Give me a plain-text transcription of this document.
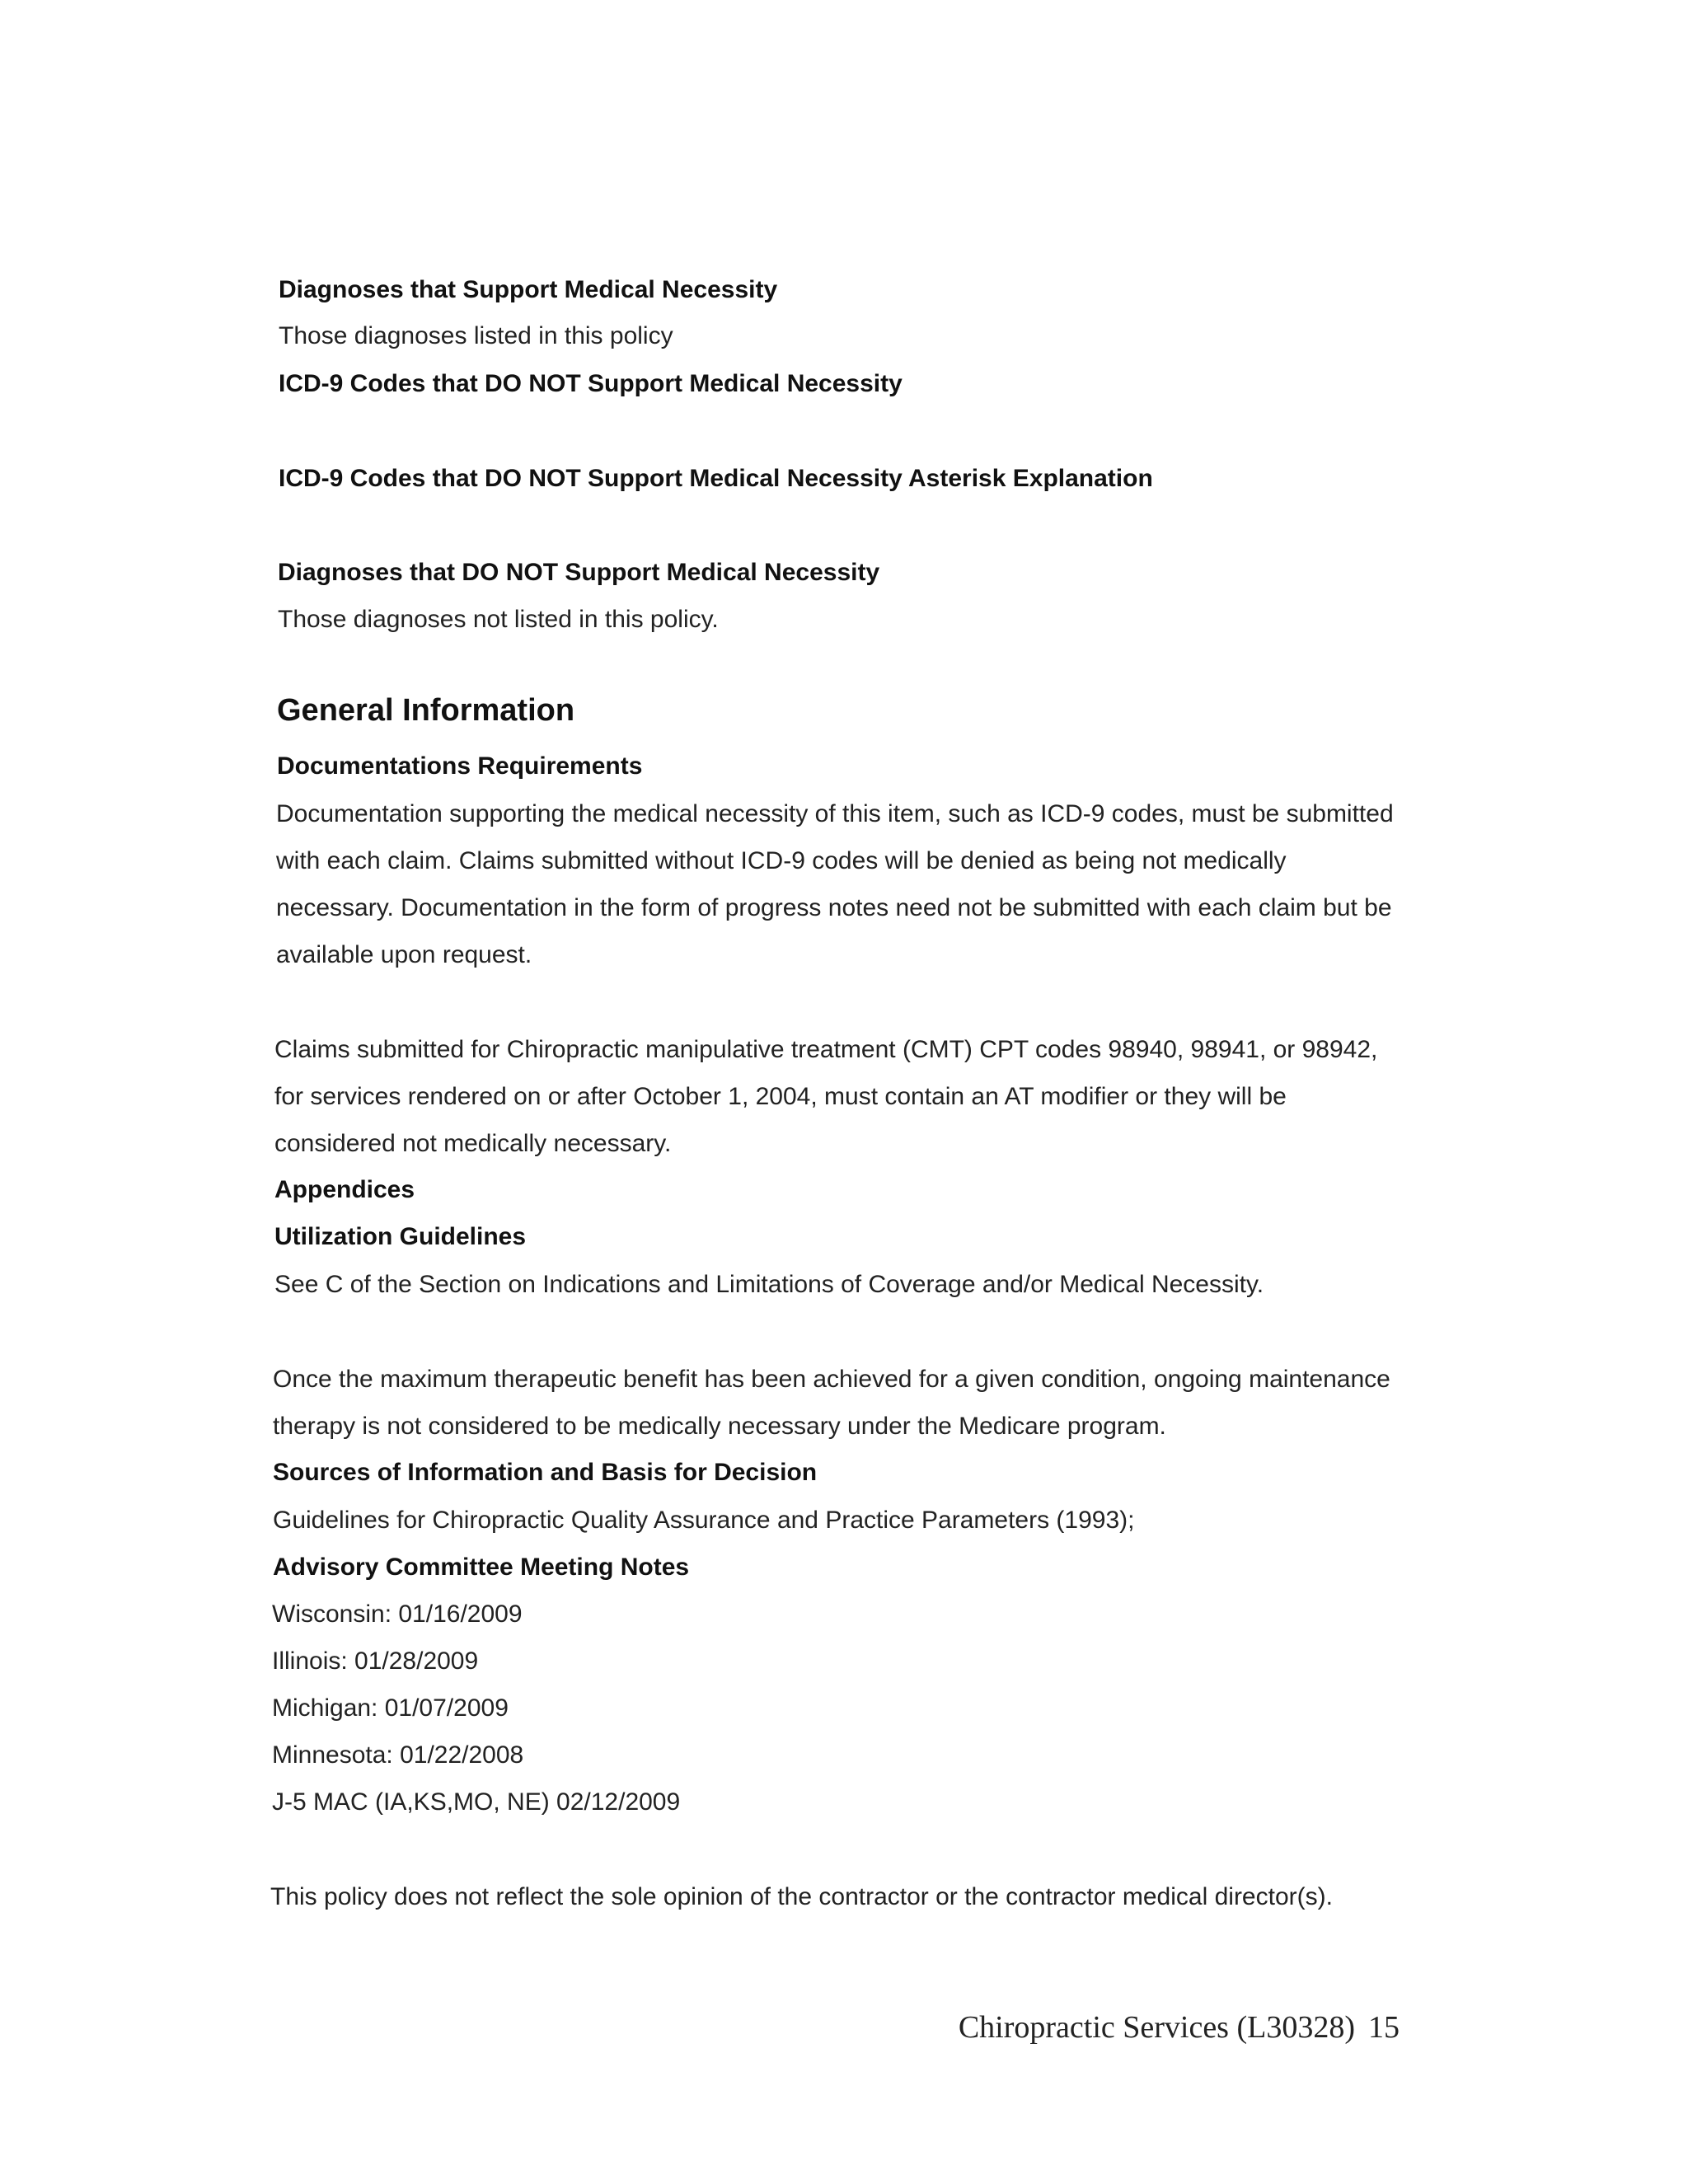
Diagnoses that Support Medical Necessity
Those diagnoses listed in this policy
ICD-9 Codes that DO NOT Support Medical Necessity
ICD-9 Codes that DO NOT Support Medical Necessity Asterisk Explanation
Diagnoses that DO NOT Support Medical Necessity
Those diagnoses not listed in this policy.
General Information
Documentations Requirements
Documentation supporting the medical necessity of this item, such as ICD-9 codes, must be submitted
with each claim. Claims submitted without ICD-9 codes will be denied as being not medically
necessary. Documentation in the form of progress notes need not be submitted with each claim but be
available upon request.
Claims submitted for Chiropractic manipulative treatment (CMT) CPT codes 98940, 98941, or 98942,
for services rendered on or after October 1, 2004, must contain an AT modifier or they will be
considered not medically necessary.
Appendices
Utilization Guidelines
See C of the Section on Indications and Limitations of Coverage and/or Medical Necessity.
Once the maximum therapeutic benefit has been achieved for a given condition, ongoing maintenance
therapy is not considered to be medically necessary under the Medicare program.
Sources of Information and Basis for Decision
Guidelines for Chiropractic Quality Assurance and Practice Parameters (1993);
Advisory Committee Meeting Notes
Wisconsin: 01/16/2009
Illinois: 01/28/2009
Michigan: 01/07/2009
Minnesota: 01/22/2008
J-5 MAC (IA,KS,MO, NE) 02/12/2009
This policy does not reflect the sole opinion of the contractor or the contractor medical director(s).
Chiropractic Services (L30328) 15
